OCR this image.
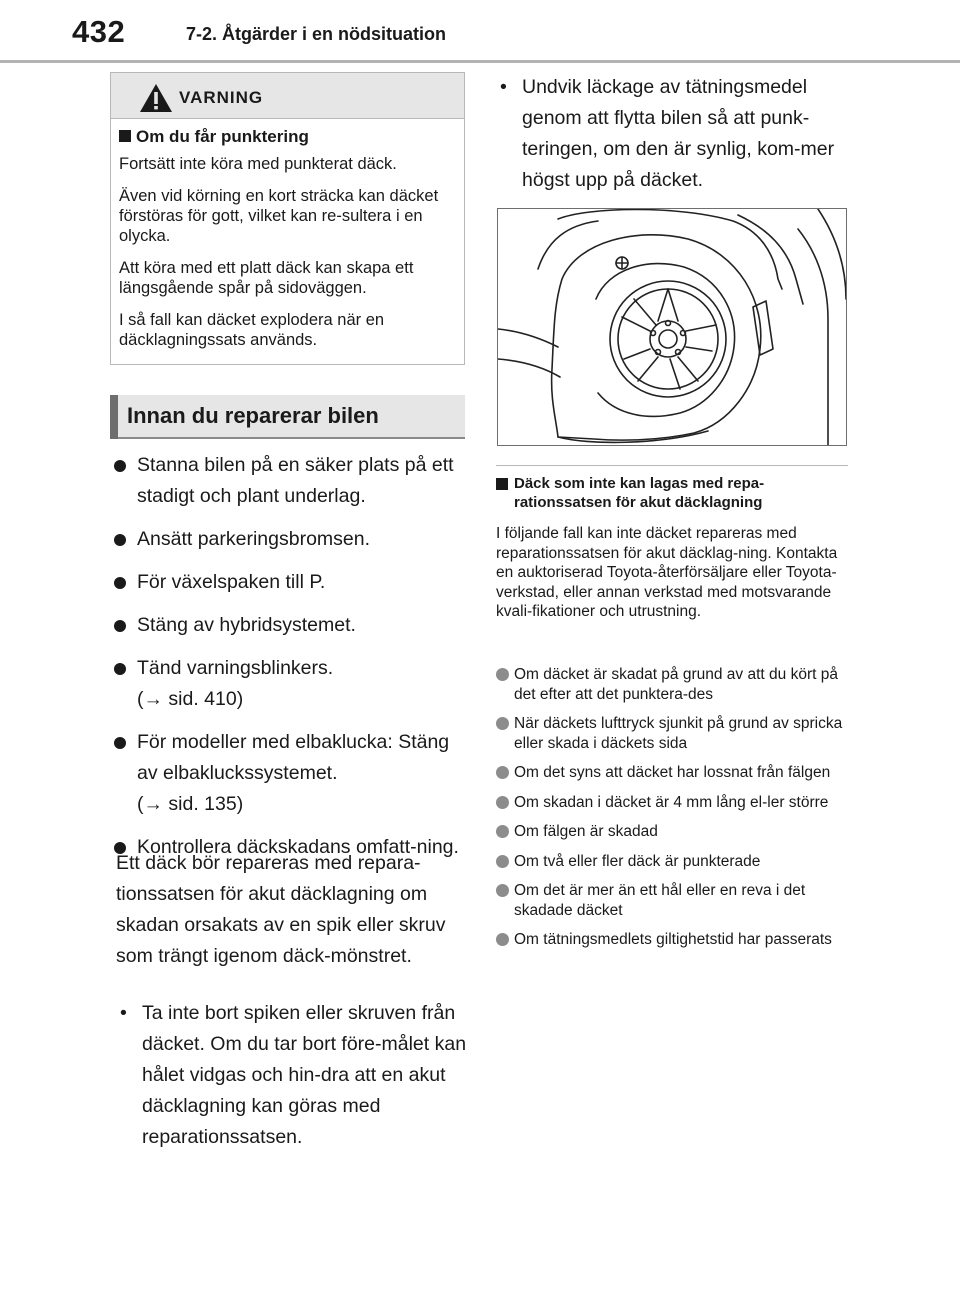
432	7-2. Åtgärder i en nödsituation
VARNING
Om du får punktering
Fortsätt inte köra med punkterat däck.
Även vid körning en kort sträcka kan däcket förstöras för gott, vilket kan re-sultera i en olycka.
Att köra med ett platt däck kan skapa ett längsgående spår på sidoväggen.
I så fall kan däcket explodera när en däcklagningssats används.
Innan du reparerar bilen
Stanna bilen på en säker plats på ett stadigt och plant underlag.
Ansätt parkeringsbromsen.
För växelspaken till P.
Stäng av hybridsystemet.
Tänd varningsblinkers.
(→ sid. 410)
För modeller med elbaklucka: Stäng av elbakluckssystemet.
(→ sid. 135)
Kontrollera däckskadans omfatt-ning.
Ett däck bör repareras med repara-tionssatsen för akut däcklagning om skadan orsakats av en spik eller skruv som trängt igenom däck-mönstret.
• Ta inte bort spiken eller skruven från däcket. Om du tar bort före-målet kan hålet vidgas och hin-dra att en akut däcklagning kan göras med reparationssatsen.
• Undvik läckage av tätningsmedel genom att flytta bilen så att punk-teringen, om den är synlig, kom-mer högst upp på däcket.
Däck som inte kan lagas med repa-rationssatsen för akut däcklagning
I följande fall kan inte däcket repareras med reparationssatsen för akut däcklag-ning. Kontakta en auktoriserad Toyota-återförsäljare eller Toyota-verkstad, eller annan verkstad med motsvarande kvali-fikationer och utrustning.
Om däcket är skadat på grund av att du kört på det efter att det punktera-des
När däckets lufttryck sjunkit på grund av spricka eller skada i däckets sida
Om det syns att däcket har lossnat från fälgen
Om skadan i däcket är 4 mm lång el-ler större
Om fälgen är skadad
Om två eller fler däck är punkterade
Om det är mer än ett hål eller en reva i det skadade däcket
Om tätningsmedlets giltighetstid har passerats
